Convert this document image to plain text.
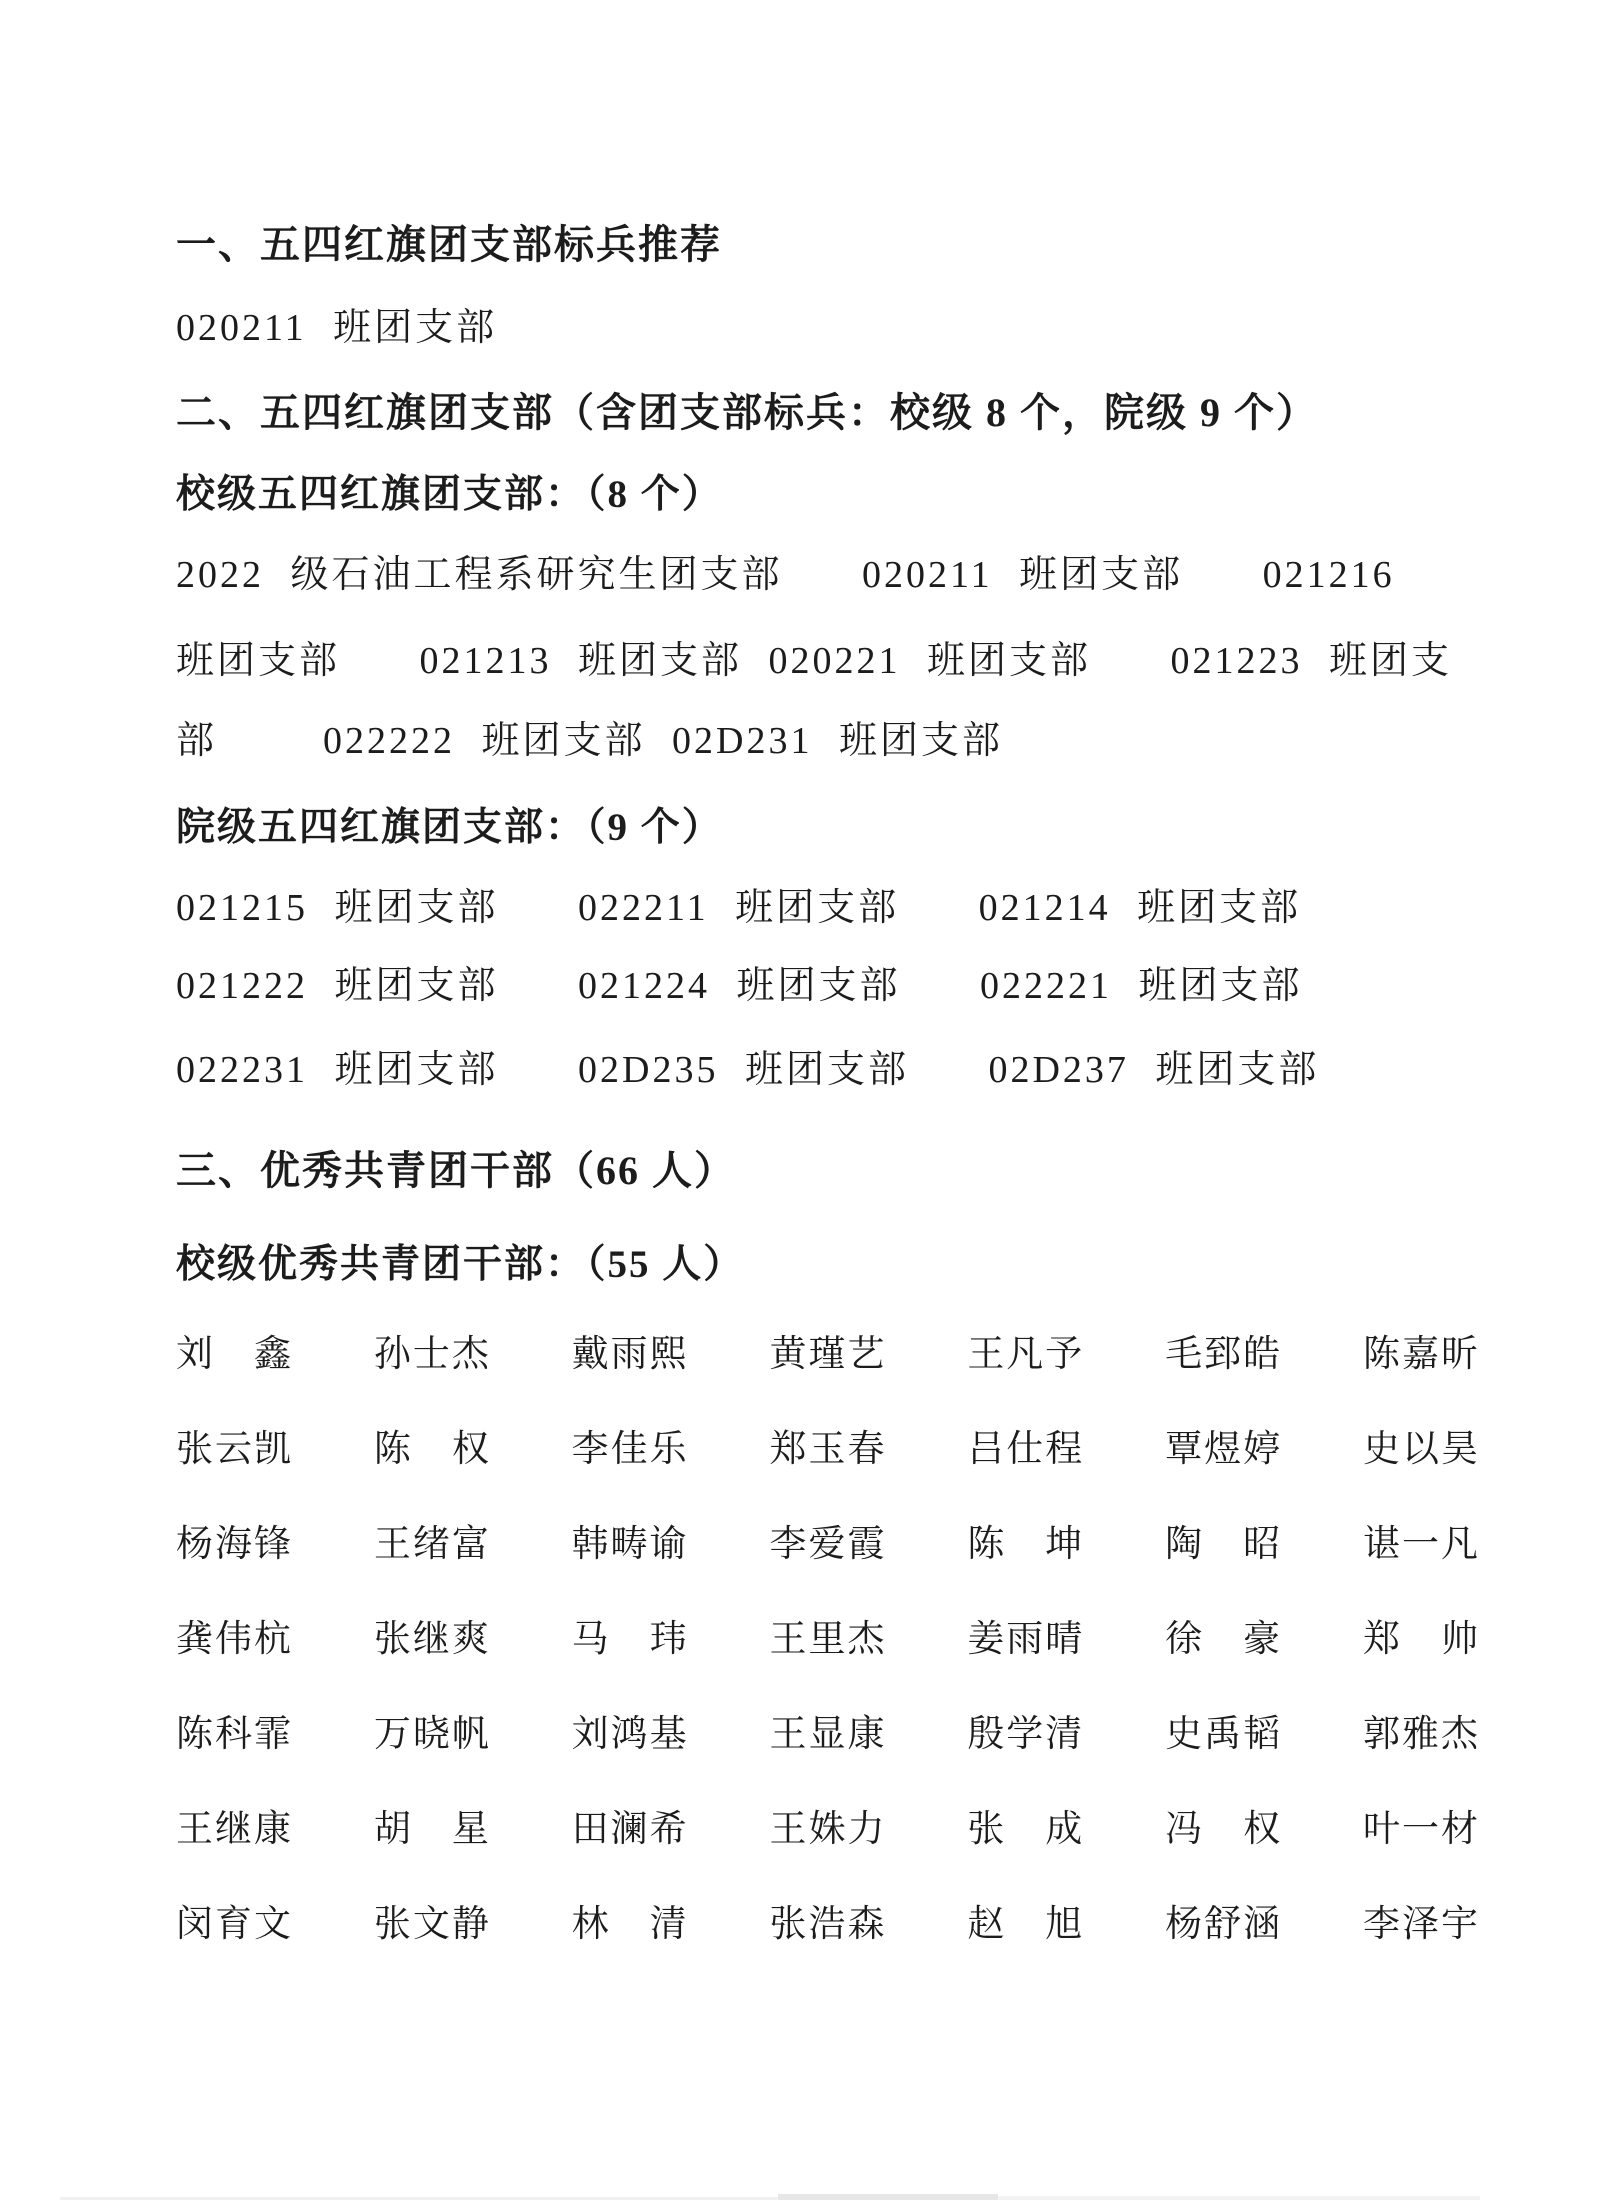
一、五四红旗团支部标兵推荐
020211 班团支部
二、五四红旗团支部（含团支部标兵：校级 8 个，院级 9 个）
校级五四红旗团支部：（8 个）
2022 级石油工程系研究生团支部   020211 班团支部   021216
班团支部   021213 班团支部 020221 班团支部   021223 班团支
部    022222 班团支部 02D231 班团支部
院级五四红旗团支部：（9 个）
021215 班团支部   022211 班团支部   021214 班团支部
021222 班团支部   021224 班团支部   022221 班团支部
022231 班团支部   02D235 班团支部   02D237 班团支部
三、优秀共青团干部（66 人）
校级优秀共青团干部：（55 人）
刘　鑫 孙士杰 戴雨熙 黄瑾艺 王凡予 毛郅皓 陈嘉昕
张云凯 陈　权 李佳乐 郑玉春 吕仕程 覃煜婷 史以昊
杨海锋 王绪富 韩畴谕 李爱霞 陈　坤 陶　昭 谌一凡
龚伟杭 张继爽 马　玮 王里杰 姜雨晴 徐　豪 郑　帅
陈科霏 万晓帆 刘鸿基 王显康 殷学清 史禹韬 郭雅杰
王继康 胡　星 田澜希 王姝力 张　成 冯　权 叶一材
闵育文 张文静 林　清 张浩森 赵　旭 杨舒涵 李泽宇
